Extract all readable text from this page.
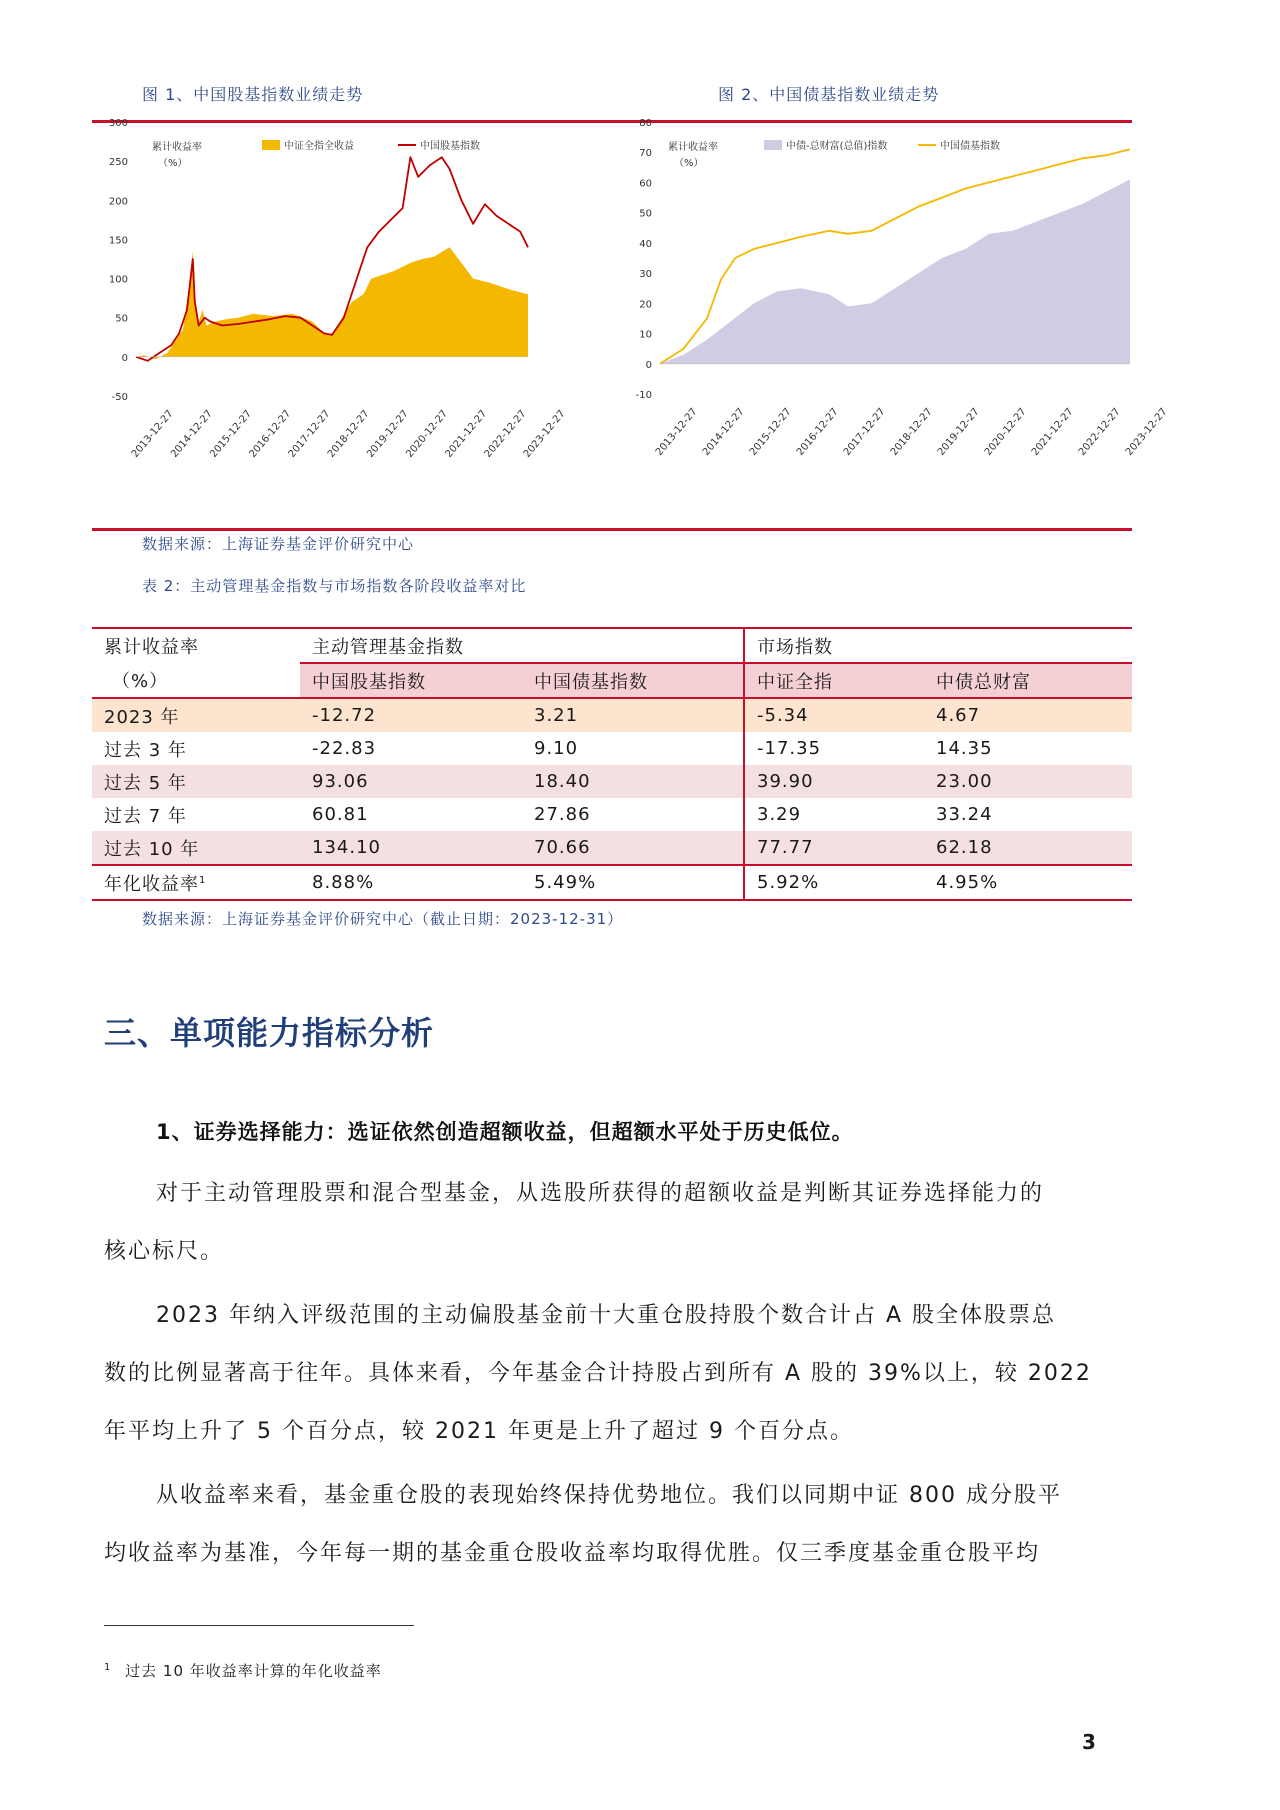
图 1、中国股基指数业绩走势	图 2、中国债基指数业绩走势
300
250
200
150
100
50
0
-50
2013-12-27
2014-12-27
2015-12-27
2016-12-27
2017-12-27
2018-12-27
2019-12-27
2020-12-27
2021-12-27
2022-12-27
2023-12-27
累计收益率
（%）
中证全指全收益	中国股基指数
80
70
60
50
40
30
20
10
0
-10
2013-12-27 2014-12-27 2015-12-27 2016-12-27 2017-12-27 2018-12-27 2019-12-27 2020-12-27 2021-12-27 2022-12-27 2023-12-27
累计收益率
（%）
中债-总财富(总值)指数	中国债基指数
数据来源：上海证券基金评价研究中心
表 2：主动管理基金指数与市场指数各阶段收益率对比
累计收益率	主动管理基金指数		市场指数	
（%）	中国股基指数	中国债基指数	中证全指	中债总财富
2023 年	-12.72	3.21	-5.34	4.67
过去 3 年	-22.83	9.10	-17.35	14.35
过去 5 年	93.06	18.40	39.90	23.00
过去 7 年	60.81	27.86	3.29	33.24
过去 10 年	134.10	70.66	77.77	62.18
年化收益率$^1$	8.88%	5.49%	5.92%	4.95%
数据来源：上海证券基金评价研究中心（截止日期：2023-12-31）
三、单项能力指标分析
1、证券选择能力：选证依然创造超额收益，但超额水平处于历史低位。
对于主动管理股票和混合型基金，从选股所获得的超额收益是判断其证券选择能力的
核心标尺。
2023 年纳入评级范围的主动偏股基金前十大重仓股持股个数合计占 A 股全体股票总
数的比例显著高于往年。具体来看，今年基金合计持股占到所有 A 股的 39%以上，较 2022
年平均上升了 5 个百分点，较 2021 年更是上升了超过 9 个百分点。
从收益率来看，基金重仓股的表现始终保持优势地位。我们以同期中证 800 成分股平
均收益率为基准，今年每一期的基金重仓股收益率均取得优胜。仅三季度基金重仓股平均
$^1$ 过去 10 年收益率计算的年化收益率
3
